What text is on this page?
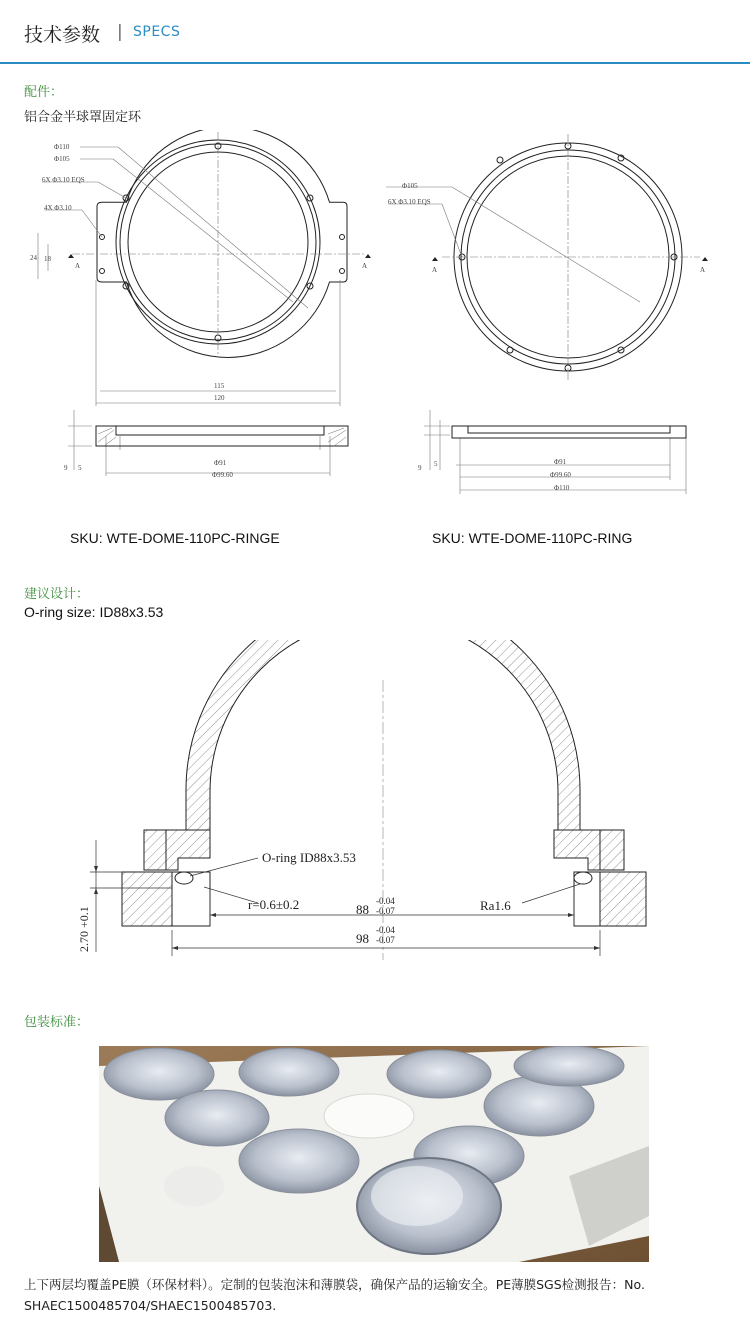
技术参数 | SPECS
配件：
铝合金半球罩固定环
Φ110
Φ105
6X Φ3.10 EQS
4X Φ3.10
24 18
A	A
115
120
9 5
Φ91
Φ99.60
Φ105
6X Φ3.10 EQS
A	A
9 5	Φ91
Φ99.60
Φ110
SKU: WTE-DOME-110PC-RINGE	SKU: WTE-DOME-110PC-RING
建议设计：
O-ring size: ID88x3.53
O-ring ID88x3.53
r=0.6±0.2	88
-0.04
-0.07	Ra1.6
98
-0.04
-0.07
2.70 +0.1
包装标准：
上下两层均覆盖PE膜（环保材料）。定制的包装泡沫和薄膜袋，确保产品的运输安全。PE薄膜SGS检测报告：No. SHAEC1500485704/SHAEC1500485703.
